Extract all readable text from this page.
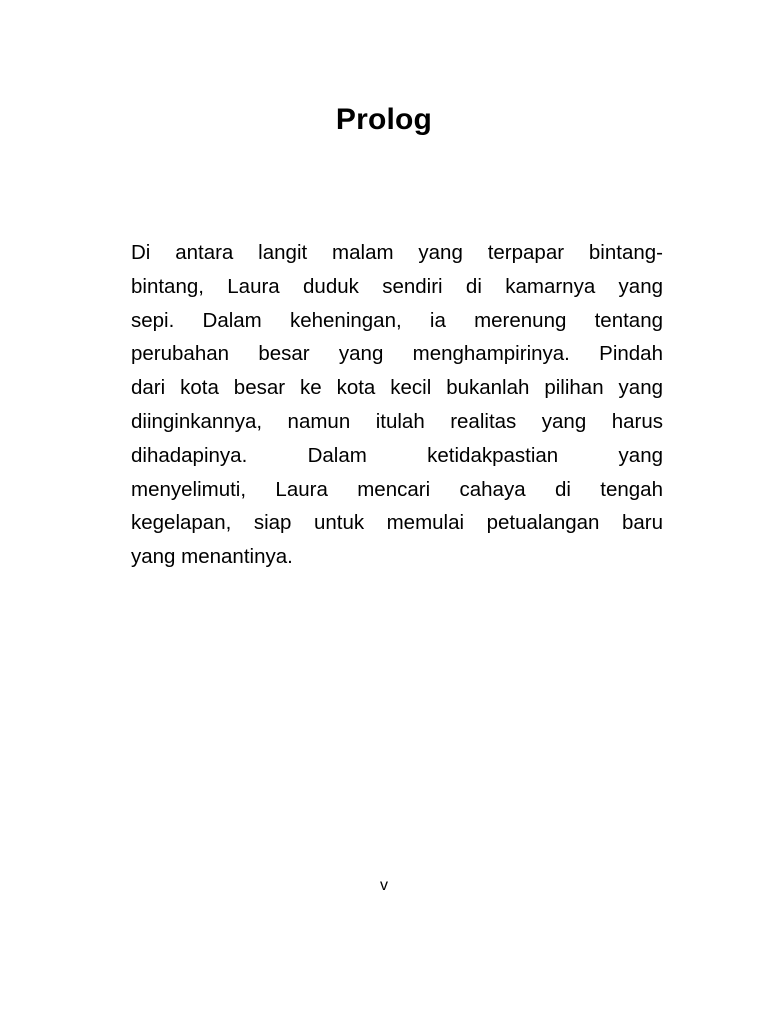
Prolog
Di antara langit malam yang terpapar bintang-
bintang, Laura duduk sendiri di kamarnya yang
sepi. Dalam keheningan, ia merenung tentang
perubahan besar yang menghampirinya. Pindah
dari kota besar ke kota kecil bukanlah pilihan yang
diinginkannya, namun itulah realitas yang harus
dihadapinya. Dalam ketidakpastian yang
menyelimuti, Laura mencari cahaya di tengah
kegelapan, siap untuk memulai petualangan baru
yang menantinya.
v
